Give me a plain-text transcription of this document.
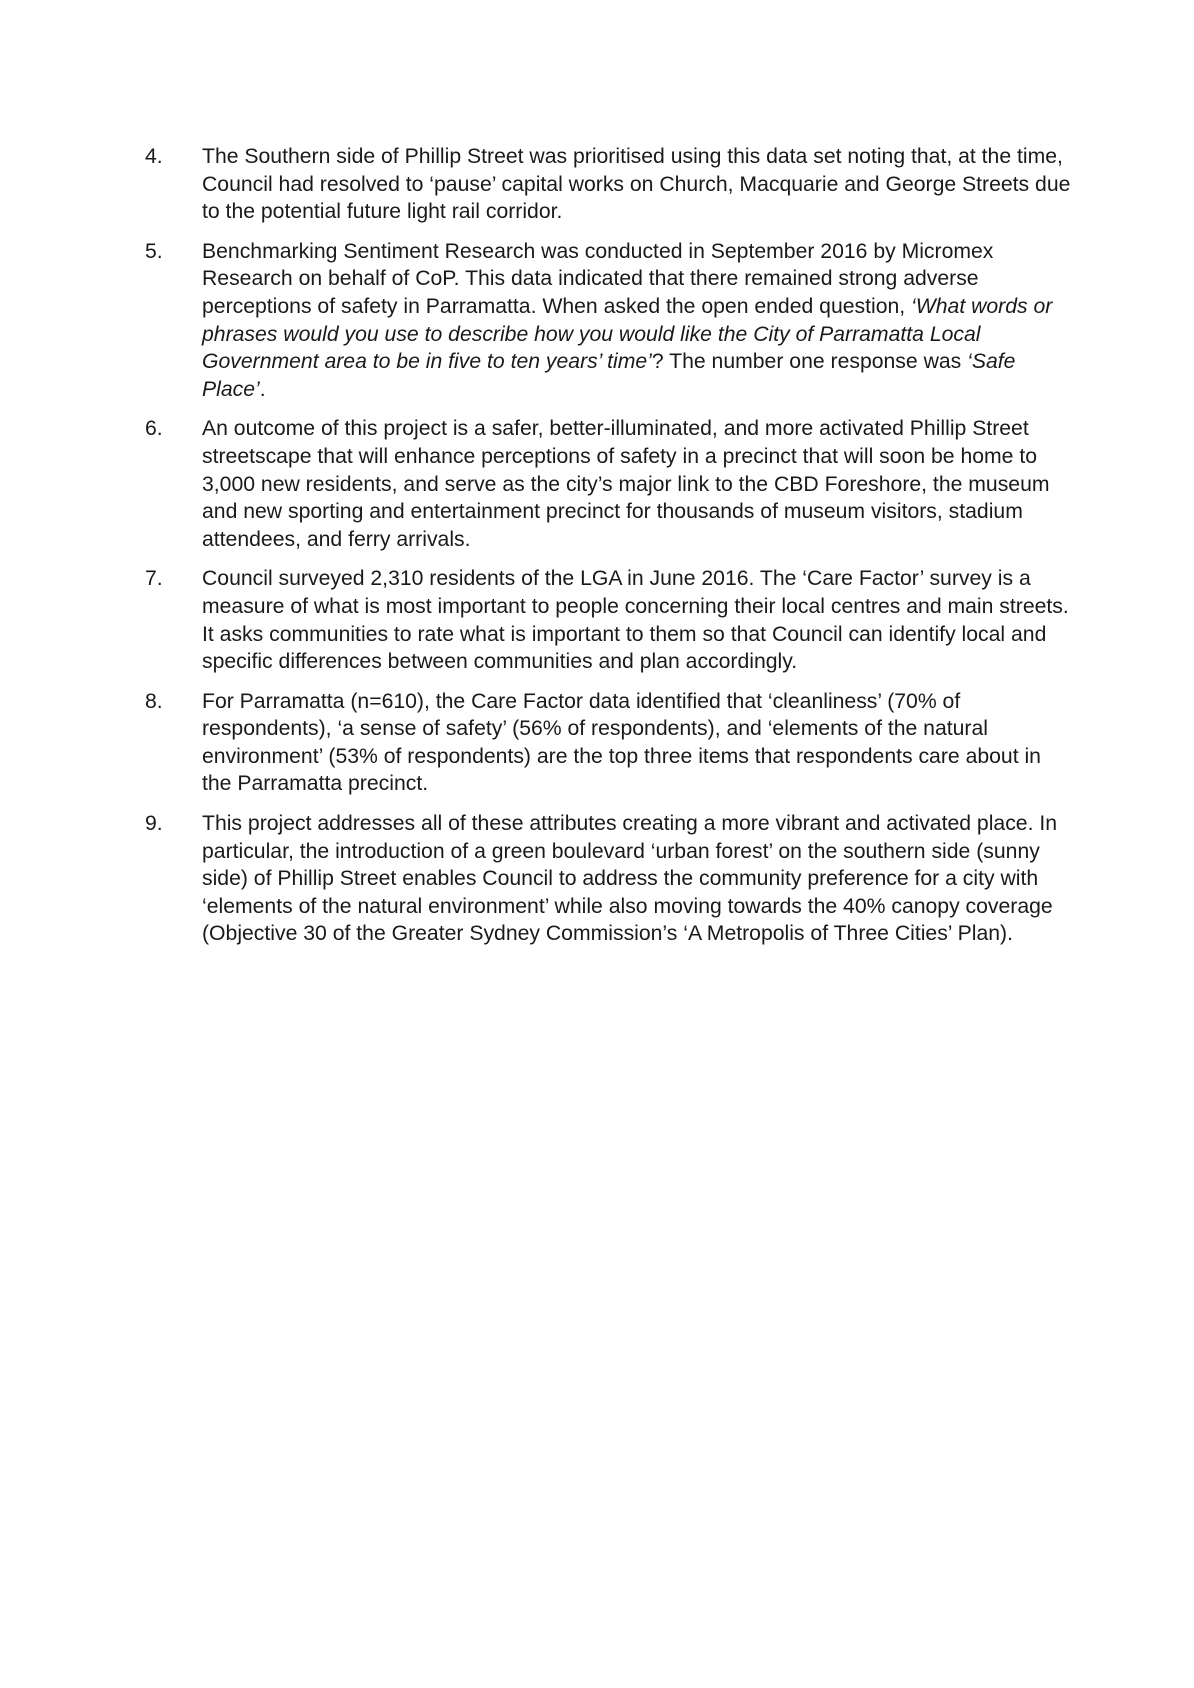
4.	The Southern side of Phillip Street was prioritised using this data set noting that, at the time, Council had resolved to ‘pause’ capital works on Church, Macquarie and George Streets due to the potential future light rail corridor.
5.	Benchmarking Sentiment Research was conducted in September 2016 by Micromex Research on behalf of CoP. This data indicated that there remained strong adverse perceptions of safety in Parramatta. When asked the open ended question, ‘What words or phrases would you use to describe how you would like the City of Parramatta Local Government area to be in five to ten years’ time’? The number one response was ‘Safe Place’.
6.	An outcome of this project is a safer, better-illuminated, and more activated Phillip Street streetscape that will enhance perceptions of safety in a precinct that will soon be home to 3,000 new residents, and serve as the city’s major link to the CBD Foreshore, the museum and new sporting and entertainment precinct for thousands of museum visitors, stadium attendees, and ferry arrivals.
7.	Council surveyed 2,310 residents of the LGA in June 2016. The ‘Care Factor’ survey is a measure of what is most important to people concerning their local centres and main streets. It asks communities to rate what is important to them so that Council can identify local and specific differences between communities and plan accordingly.
8.	For Parramatta (n=610), the Care Factor data identified that ‘cleanliness’ (70% of respondents), ‘a sense of safety’ (56% of respondents), and ‘elements of the natural environment’ (53% of respondents) are the top three items that respondents care about in the Parramatta precinct.
9.	This project addresses all of these attributes creating a more vibrant and activated place. In particular, the introduction of a green boulevard ‘urban forest’ on the southern side (sunny side) of Phillip Street enables Council to address the community preference for a city with ‘elements of the natural environment’ while also moving towards the 40% canopy coverage (Objective 30 of the Greater Sydney Commission’s ‘A Metropolis of Three Cities’ Plan).
